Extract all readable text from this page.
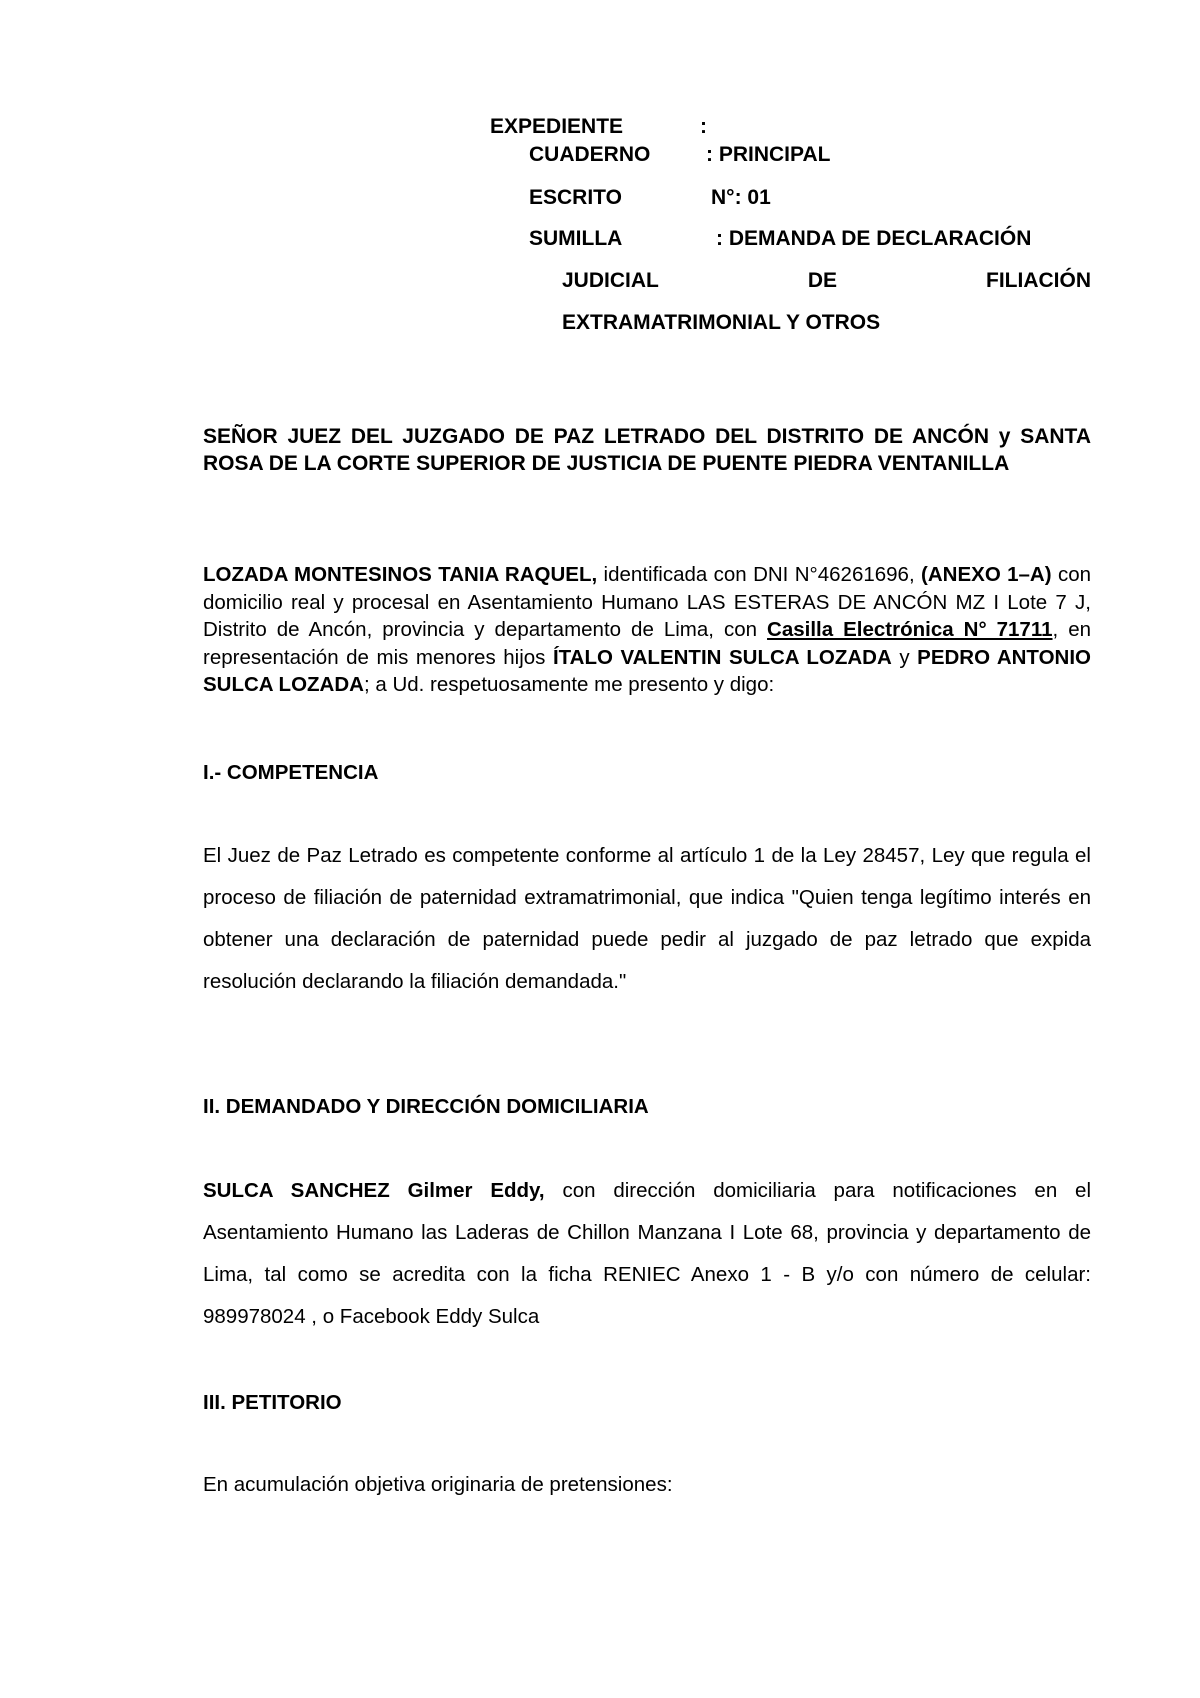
EXPEDIENTE	:
CUADERNO	: PRINCIPAL
ESCRITO	N°: 01
SUMILLA	: DEMANDA DE DECLARACIÓN
JUDICIAL	DE	FILIACIÓN
EXTRAMATRIMONIAL Y OTROS

SEÑOR JUEZ DEL JUZGADO DE PAZ LETRADO DEL DISTRITO DE ANCÓN y SANTA ROSA DE LA CORTE SUPERIOR DE JUSTICIA DE PUENTE PIEDRA VENTANILLA

LOZADA MONTESINOS TANIA RAQUEL, identificada con DNI N°46261696, (ANEXO 1–A) con domicilio real y procesal en Asentamiento Humano LAS ESTERAS DE ANCÓN MZ I Lote 7 J, Distrito de Ancón, provincia y departamento de Lima, con Casilla Electrónica N° 71711, en representación de mis menores hijos ÍTALO VALENTIN SULCA LOZADA y PEDRO ANTONIO SULCA LOZADA; a Ud. respetuosamente me presento y digo:

I.- COMPETENCIA

El Juez de Paz Letrado es competente conforme al artículo 1 de la Ley 28457, Ley que regula el proceso de filiación de paternidad extramatrimonial, que indica "Quien tenga legítimo interés en obtener una declaración de paternidad puede pedir al juzgado de paz letrado que expida resolución declarando la filiación demandada."

II. DEMANDADO Y DIRECCIÓN DOMICILIARIA

SULCA SANCHEZ Gilmer Eddy, con dirección domiciliaria para notificaciones en el Asentamiento Humano las Laderas de Chillon Manzana I Lote 68, provincia y departamento de Lima, tal como se acredita con la ficha RENIEC Anexo 1 - B y/o con número de celular: 989978024 , o Facebook Eddy Sulca

III. PETITORIO

En acumulación objetiva originaria de pretensiones:
